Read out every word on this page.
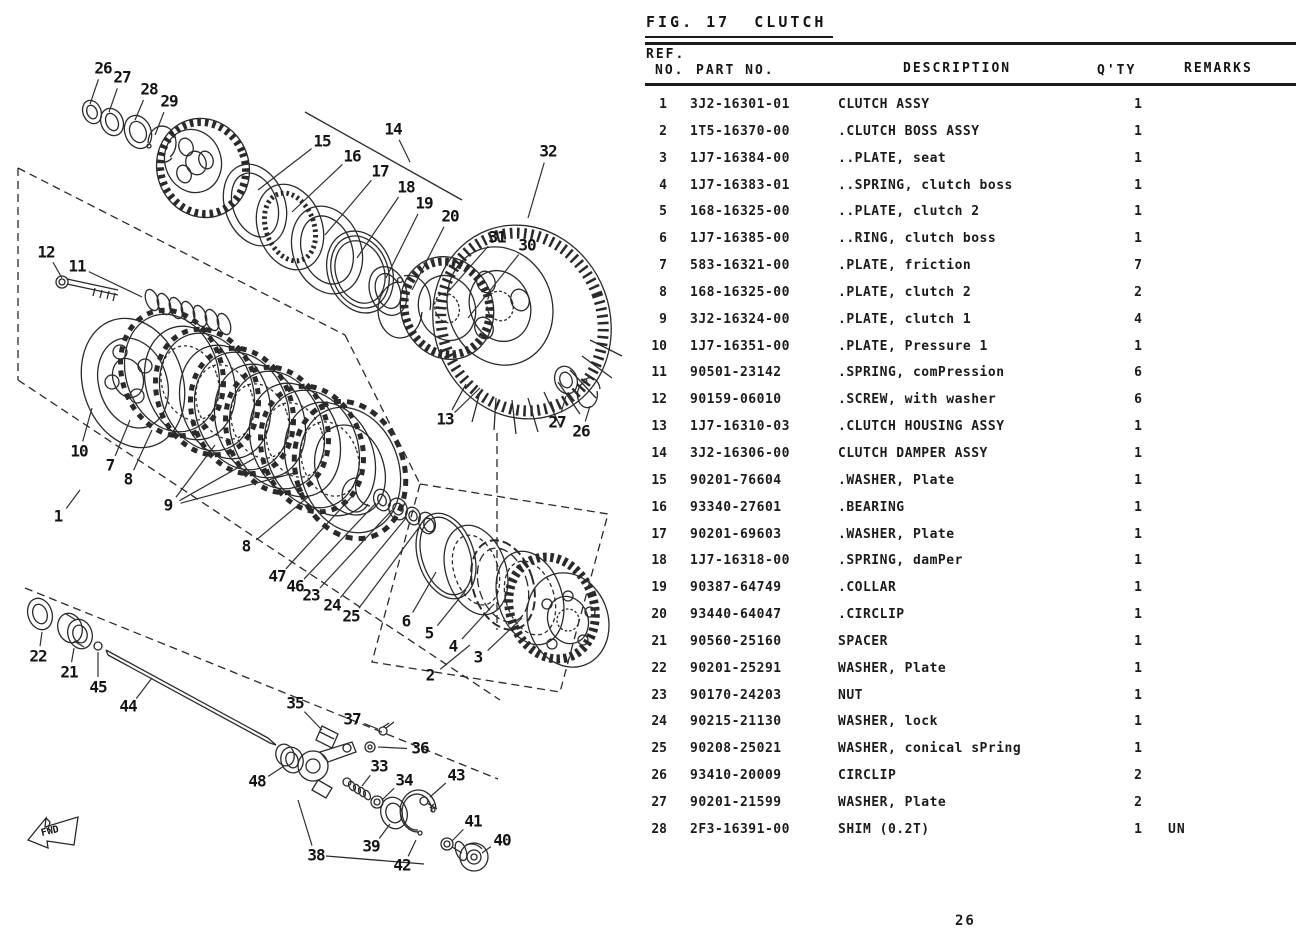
26 27
28
29
15
16
14
17
18
19
20
32
31 30
12
11
10
7
8
9
1
13	27 26
8
47
46
23
24
25	6
5
4
3
2
22
21
45
44
48
35
37
36
33
34 43
41
40
38 39
42
FWD
FIG. 17  CLUTCH
REF.
NO. PART NO.	DESCRIPTION	Q'TY	REMARKS
1 3J2-16301-01	CLUTCH ASSY	1
2 1T5-16370-00	.CLUTCH BOSS ASSY	1
3 1J7-16384-00	..PLATE, seat	1
4 1J7-16383-01	..SPRING, clutch boss	1
5 168-16325-00	..PLATE, clutch 2	1
6 1J7-16385-00	..RING, clutch boss	1
7 583-16321-00	.PLATE, friction	7
8 168-16325-00	.PLATE, clutch 2	2
9 3J2-16324-00	.PLATE, clutch 1	4
10 1J7-16351-00	.PLATE, Pressure 1	1
11 90501-23142	.SPRING, comPression	6
12 90159-06010	.SCREW, with washer	6
13 1J7-16310-03	.CLUTCH HOUSING ASSY	1
14 3J2-16306-00	CLUTCH DAMPER ASSY	1
15 90201-76604	.WASHER, Plate	1
16 93340-27601	.BEARING	1
17 90201-69603	.WASHER, Plate	1
18 1J7-16318-00	.SPRING, damPer	1
19 90387-64749	.COLLAR	1
20 93440-64047	.CIRCLIP	1
21 90560-25160	SPACER	1
22 90201-25291	WASHER, Plate	1
23 90170-24203	NUT	1
24 90215-21130	WASHER, lock	1
25 90208-25021	WASHER, conical sPring	1
26 93410-20009	CIRCLIP	2
27 90201-21599	WASHER, Plate	2
28 2F3-16391-00	SHIM (0.2T)	1	UN
26
